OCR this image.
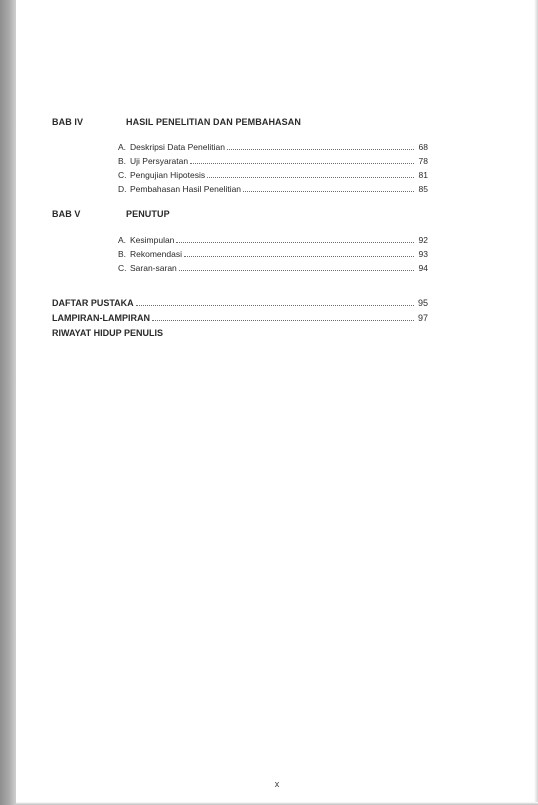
BAB IV	HASIL PENELITIAN DAN PEMBAHASAN
A. Deskripsi Data Penelitian	68
B. Uji Persyaratan	78
C. Pengujian Hipotesis	81
D. Pembahasan Hasil Penelitian	85
BAB V	PENUTUP
A. Kesimpulan	92
B. Rekomendasi	93
C. Saran-saran	94
DAFTAR PUSTAKA	95
LAMPIRAN-LAMPIRAN	97
RIWAYAT HIDUP PENULIS
x
